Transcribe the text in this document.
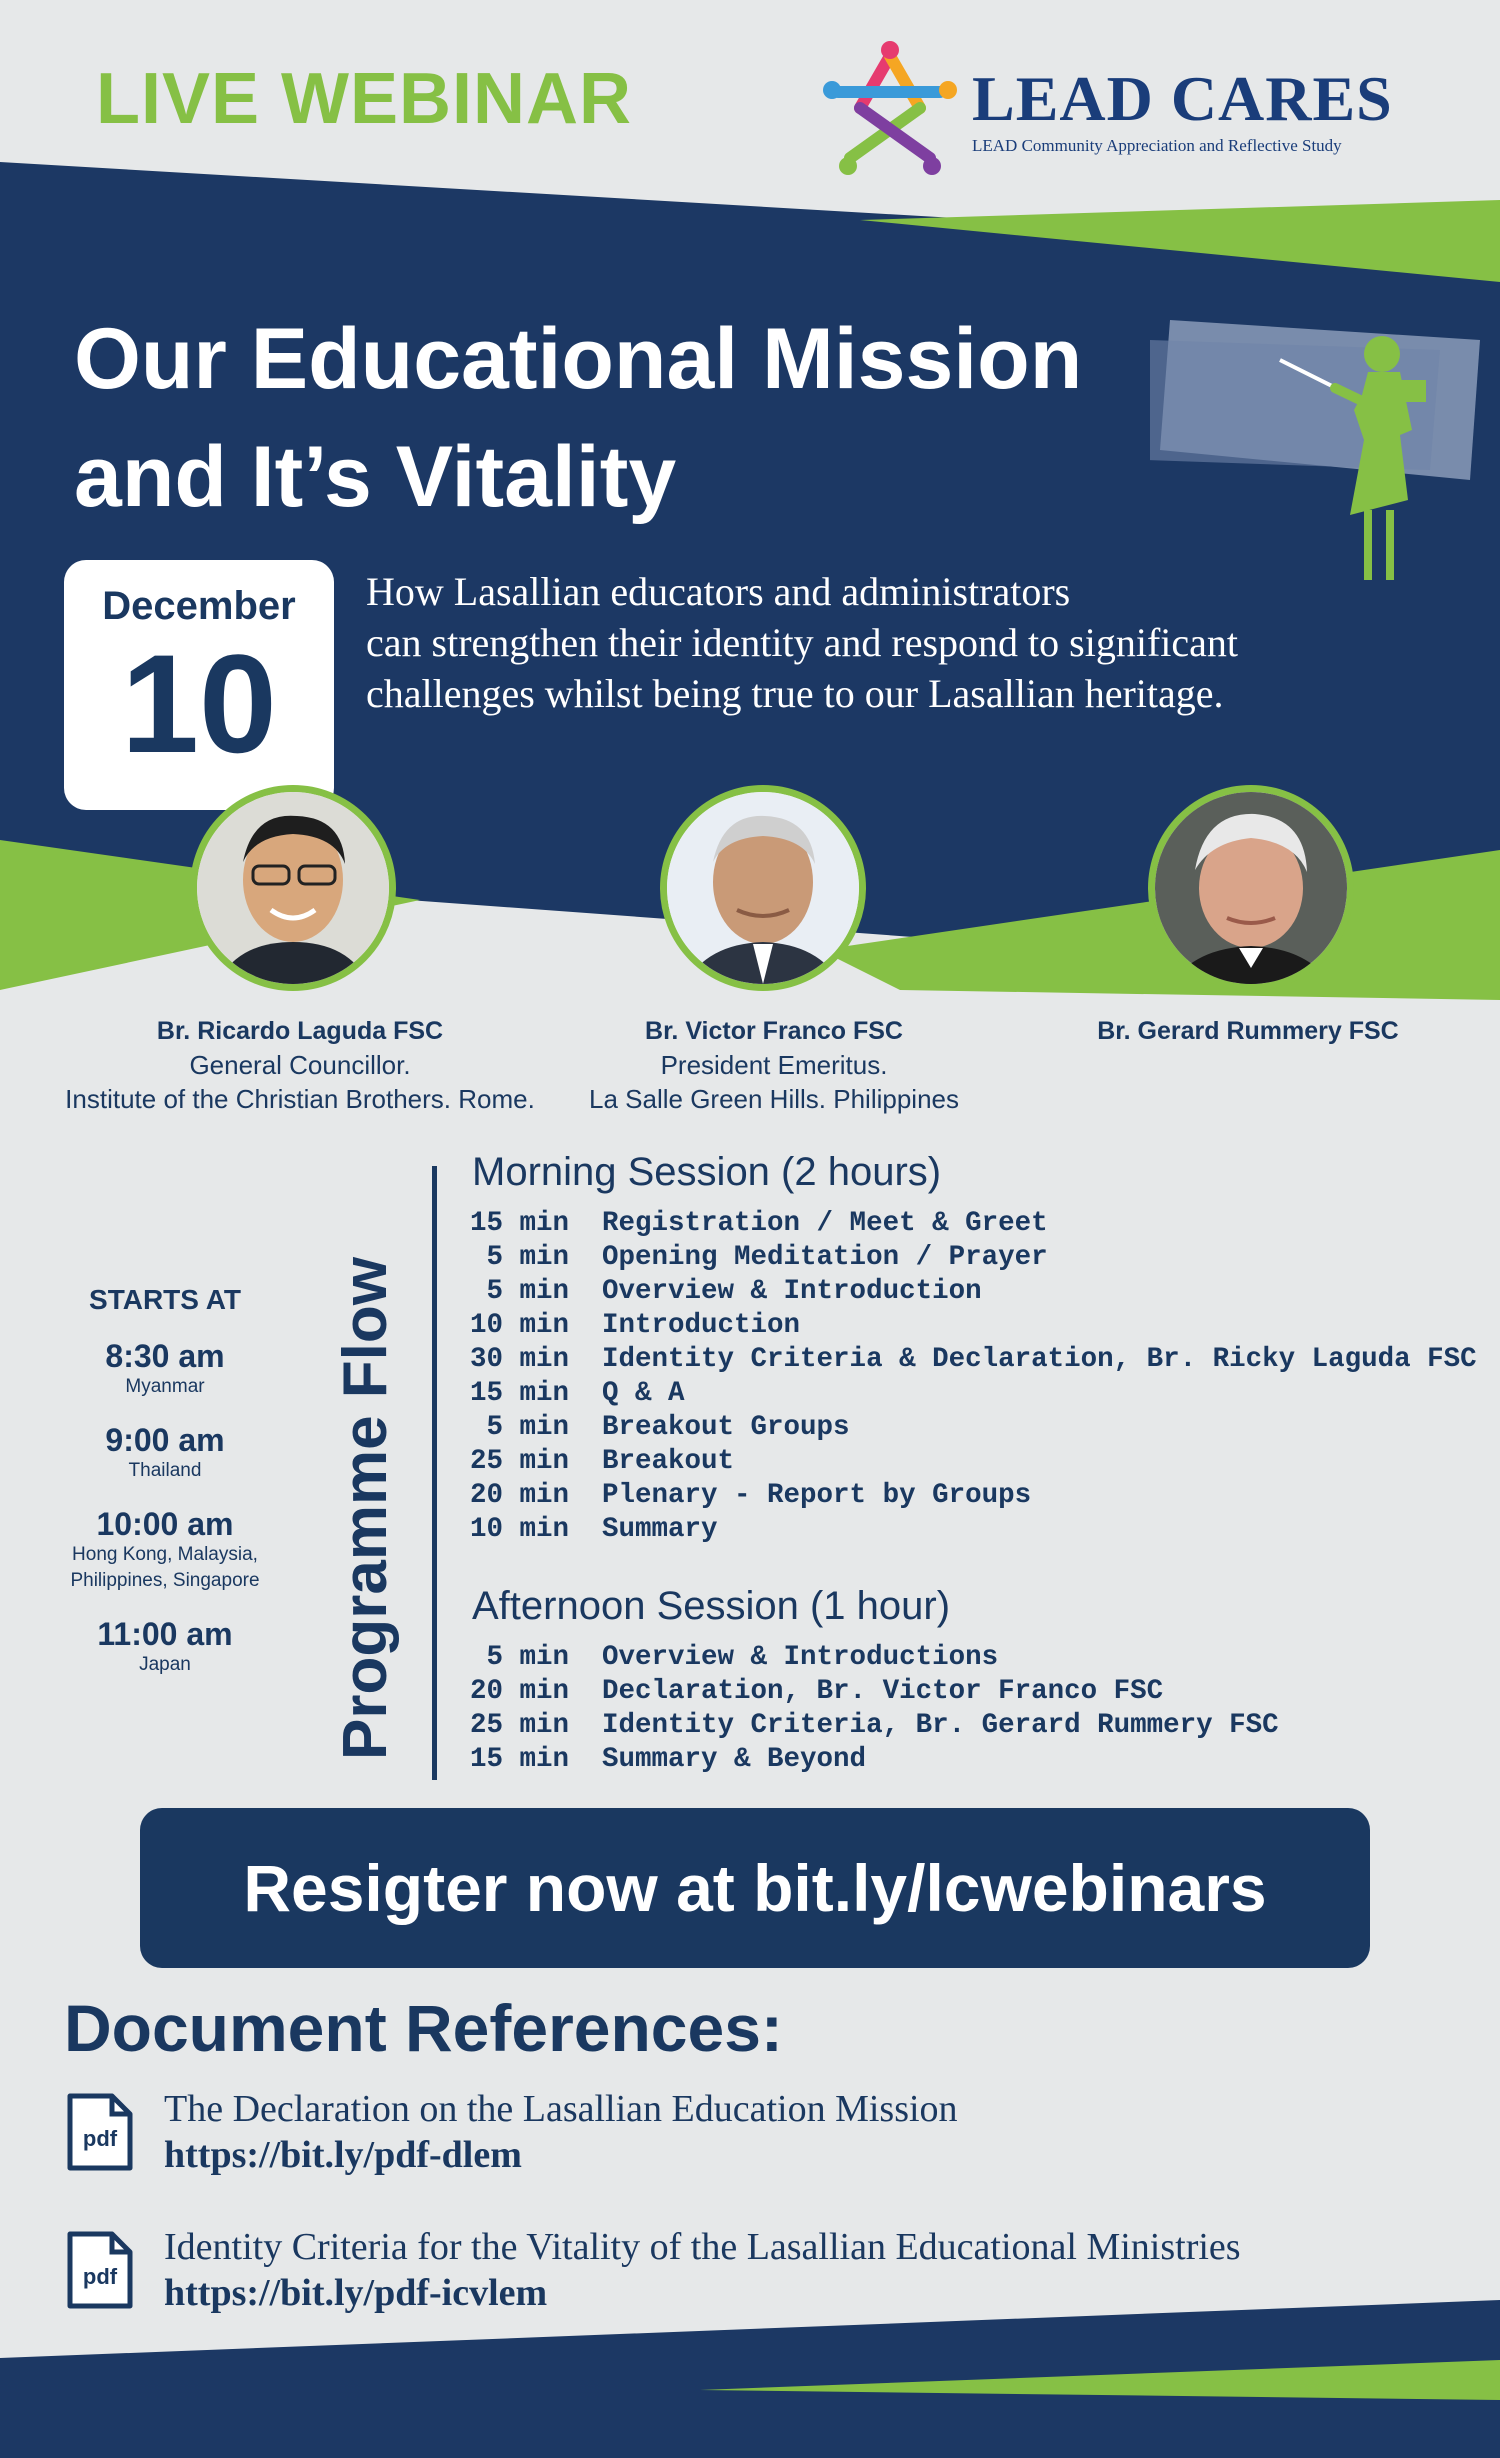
LIVE WEBINAR	LEAD CARES
LEAD Community Appreciation and Reflective Study
Our Educational Mission
and It’s Vitality
December
10
How Lasallian educators and administrators
can strengthen their identity and respond to significant
challenges whilst being true to our Lasallian heritage.
Br. Ricardo Laguda FSC
General Councillor.
Institute of the Christian Brothers. Rome.
Br. Victor Franco FSC
President Emeritus.
La Salle Green Hills. Philippines
Br. Gerard Rummery FSC
STARTS AT
8:30 am
Myanmar
9:00 am
Thailand
10:00 am
Hong Kong, Malaysia, Philippines, Singapore
11:00 am
Japan	Programme Flow
Morning Session (2 hours)
15 min  Registration / Meet & Greet
5 min  Opening Meditation / Prayer
5 min  Overview & Introduction
10 min  Introduction
30 min  Identity Criteria & Declaration, Br. Ricky Laguda FSC
15 min  Q & A
5 min  Breakout Groups
25 min  Breakout
20 min  Plenary - Report by Groups
10 min  Summary
Afternoon Session (1 hour)
5 min  Overview & Introductions
20 min  Declaration, Br. Victor Franco FSC
25 min  Identity Criteria, Br. Gerard Rummery FSC
15 min  Summary & Beyond
Resigter now at bit.ly/lcwebinars
Document References:
pdf
The Declaration on the Lasallian Education Mission
https://bit.ly/pdf-dlem
pdf
Identity Criteria for the Vitality of the Lasallian Educational Ministries
https://bit.ly/pdf-icvlem
